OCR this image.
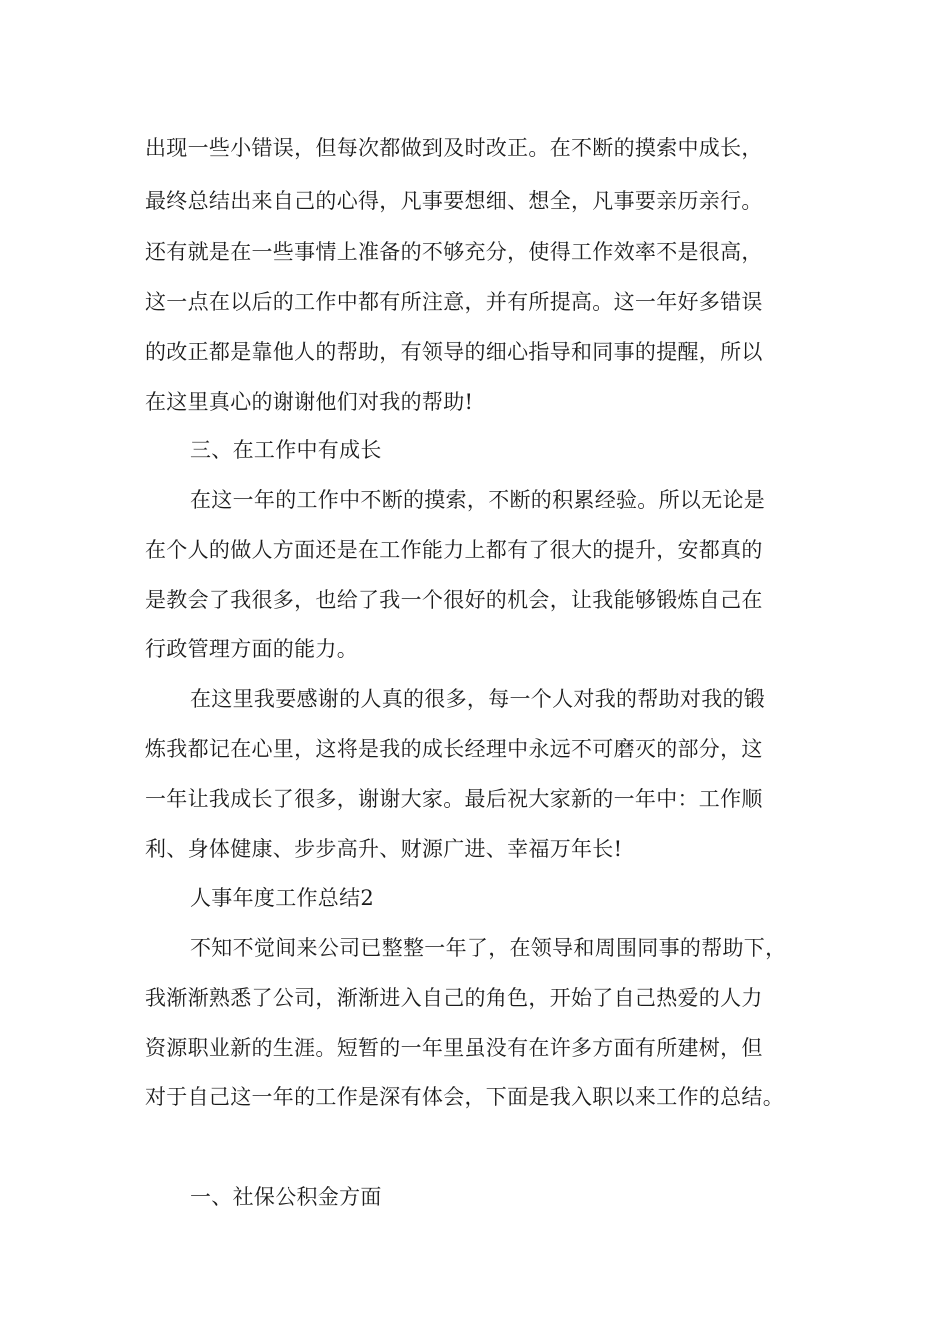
出现一些小错误，但每次都做到及时改正。在不断的摸索中成长，
最终总结出来自己的心得，凡事要想细、想全，凡事要亲历亲行。
还有就是在一些事情上准备的不够充分，使得工作效率不是很高，
这一点在以后的工作中都有所注意，并有所提高。这一年好多错误
的改正都是靠他人的帮助，有领导的细心指导和同事的提醒，所以
在这里真心的谢谢他们对我的帮助!
三、在工作中有成长
在这一年的工作中不断的摸索，不断的积累经验。所以无论是
在个人的做人方面还是在工作能力上都有了很大的提升，安都真的
是教会了我很多，也给了我一个很好的机会，让我能够锻炼自己在
行政管理方面的能力。
在这里我要感谢的人真的很多，每一个人对我的帮助对我的锻
炼我都记在心里，这将是我的成长经理中永远不可磨灭的部分，这
一年让我成长了很多，谢谢大家。最后祝大家新的一年中：工作顺
利、身体健康、步步高升、财源广进、幸福万年长!
人事年度工作总结2
不知不觉间来公司已整整一年了，在领导和周围同事的帮助下，
我渐渐熟悉了公司，渐渐进入自己的角色，开始了自己热爱的人力
资源职业新的生涯。短暂的一年里虽没有在许多方面有所建树，但
对于自己这一年的工作是深有体会，下面是我入职以来工作的总结。
一、社保公积金方面
